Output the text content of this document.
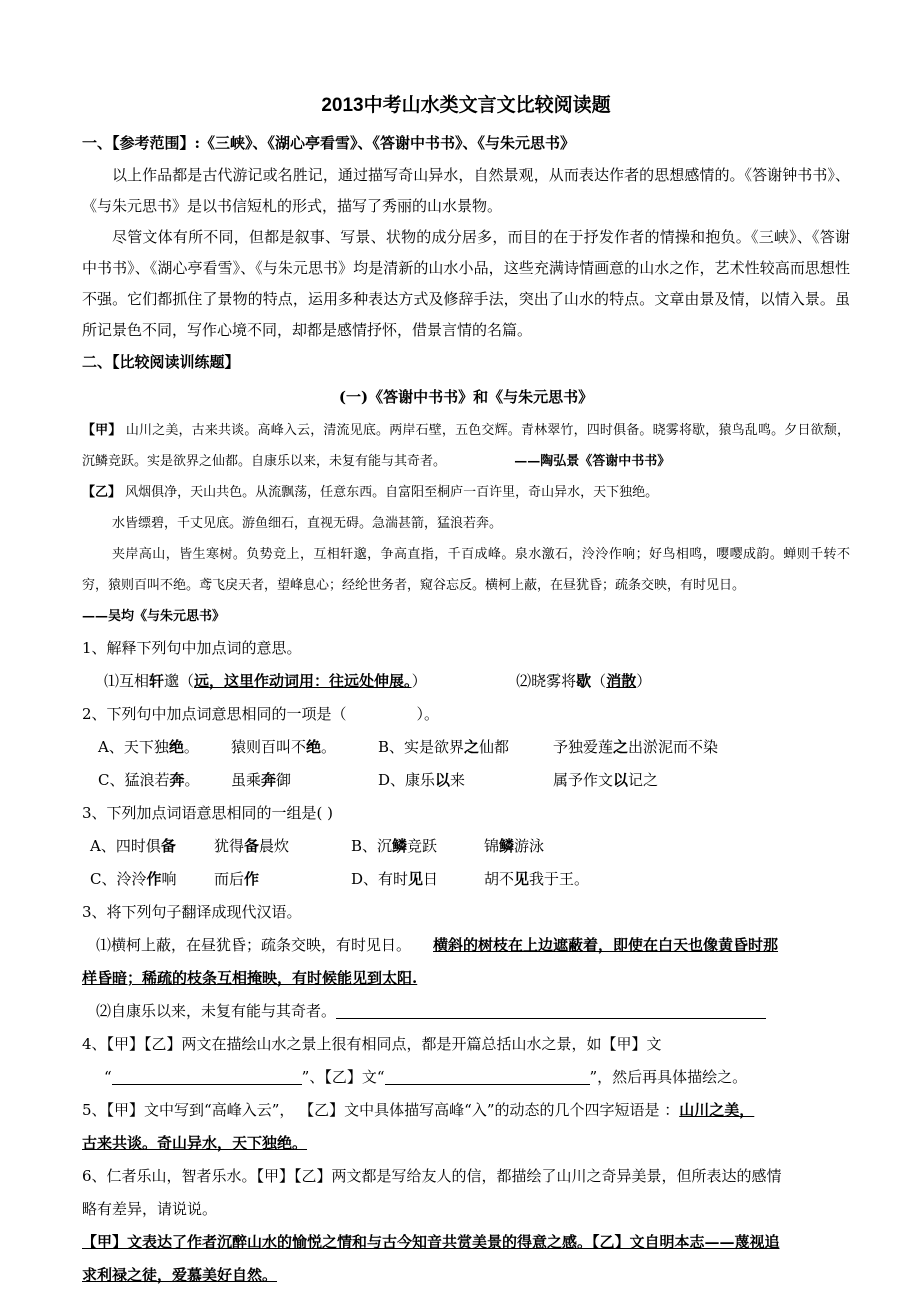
2013中考山水类文言文比较阅读题
一、【参考范围】:《三峡》、《湖心亭看雪》、《答谢中书书》、《与朱元思书》

以上作品都是古代游记或名胜记，通过描写奇山异水，自然景观，从而表达作者的思想感情的。《答谢钟书书》、《与朱元思书》是以书信短札的形式，描写了秀丽的山水景物。

尽管文体有所不同，但都是叙事、写景、状物的成分居多，而目的在于抒发作者的情操和抱负。《三峡》、《答谢中书书》、《湖心亭看雪》、《与朱元思书》均是清新的山水小品，这些充满诗情画意的山水之作，艺术性较高而思想性不强。它们都抓住了景物的特点，运用多种表达方式及修辞手法，突出了山水的特点。文章由景及情，以情入景。虽所记景色不同，写作心境不同，却都是感情抒怀，借景言情的名篇。

二、【比较阅读训练题】
(一)《答谢中书书》和《与朱元思书》

【甲】 山川之美，古来共谈。高峰入云，清流见底。两岸石壁，五色交辉。青林翠竹，四时俱备。晓雾将歇，猿鸟乱鸣。夕日欲颓，沉鳞竞跃。实是欲界之仙都。自康乐以来，未复有能与其奇者。	——陶弘景《答谢中书书》

【乙】 风烟俱净，天山共色。从流飘荡，任意东西。自富阳至桐庐一百许里，奇山异水，天下独绝。

水皆缥碧，千丈见底。游鱼细石，直视无碍。急湍甚箭，猛浪若奔。

夹岸高山，皆生寒树。负势竞上，互相轩邈，争高直指，千百成峰。泉水激石，泠泠作响；好鸟相鸣，嘤嘤成韵。蝉则千转不穷，猿则百叫不绝。鸢飞戾天者，望峰息心；经纶世务者，窥谷忘反。横柯上蔽，在昼犹昏；疏条交映，有时见日。

——吴均《与朱元思书》

1、解释下列句中加点词的意思。
⑴互相轩邈（远，这里作动词用：往远处伸展。）	⑵晓雾将歇（消散）
2、下列句中加点词意思相同的一项是（	）。
A、天下独绝。 猿则百叫不绝。	B、实是欲界之仙都	予独爱莲之出淤泥而不染
C、猛浪若奔。 虽乘奔御	D、康乐以来	属予作文以记之
3、下列加点词语意思相同的一组是( )
A、四时俱备	犹得备晨炊	B、沉鳞竞跃	锦鳞游泳
C、泠泠作响 而后作	D、有时见日	胡不见我于王。
3、将下列句子翻译成现代汉语。
⑴横柯上蔽，在昼犹昏；疏条交映，有时见日。 横斜的树枝在上边遮蔽着，即使在白天也像黄昏时那
样昏暗；稀疏的枝条互相掩映，有时候能见到太阳.
⑵自康乐以来，未复有能与其奇者。
4、【甲】【乙】两文在描绘山水之景上很有相同点，都是开篇总括山水之景，如【甲】文
“	”、【乙】文“	”，然后再具体描绘之。
5、【甲】文中写到“高峰入云”， 【乙】文中具体描写高峰“入”的动态的几个四字短语是 ：山川之美，
古来共谈。奇山异水，天下独绝。
6、仁者乐山，智者乐水。【甲】【乙】两文都是写给友人的信，都描绘了山川之奇异美景，但所表达的感情
略有差异，请说说。
【甲】文表达了作者沉醉山水的愉悦之情和与古今知音共赏美景的得意之感。【乙】文自明本志——蔑视追
求利禄之徒，爱慕美好自然。
